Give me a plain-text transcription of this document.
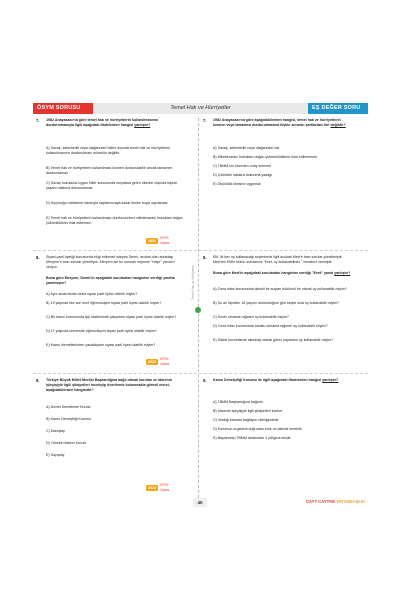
ÖSYM SORUSU	Temel Hak ve Hürriyetler	EŞ DEĞER SORU
Temel Hak ve Hürriyetler
7. 1982 Anayasası'na göre temel hak ve hürriyetlerin kullanılmasının durdurulmasıyla ilgili aşağıdaki ifadelerden hangisi yanlıştır?
A) Savaş, seferberlik veya olağanüstü hâller dışında temel hak ve hürriyetlerin kullanılmasının durdurulması mümkün değildir.
B) Temel hak ve hürriyetlerin kullanılması kısmen durdurulabilir ancak tamamen durdurulamaz.
C) Savaş hukukuna uygun fiiller sonucunda meydana gelen ölümler dışında kişinin yaşam hakkına dokunulamaz.
D) Suçluluğu mahkeme kararıyla saptanıncaya kadar kimse suçlu sayılamaz.
E) Temel hak ve hürriyetlerin kullanılması durdurulurken milletlerarası hukuktan doğan yükümlülükler ihlal edilemez.
2022
KPSS Lisans
7. 1982 Anayasası'na göre aşağıdakilerden hangisi, temel hak ve hürriyetlerin kısmen veya tamamen durdurulmasına ilişkin zorunlu şartlardan biri değildir?
A) Savaş, seferberlik veya olağanüstü hal
B) Milletlerarası hukuktan doğan yükümlülüklerin ihlal edilmemesi
C) TBMM'nin önceden onay vermesi
D) Çekirdek haklara dokunma yasağı
E) Ölçülülük ilkesine uygunluk
8. Siyasi parti üyeliği konusunda bilgi edinmek isteyen Demir, avukat olan arkadaşı Meryem'e bazı sorular yöneltiyor. Meryem ise bu soruları hepsine "Hayır" yanıtını veriyor.
Buna göre Meryem, Demir'in aşağıdaki sorulardan hangisine verdiği yanıtta yanılmıştır?
A) Aynı anda birden fazla siyasi parti üyesi olabilir miyim?
B) 19 yaşında lise son sınıf öğrencisiyim siyasi parti üyesi olabilir miyim?
C) Bir kamu kurumunda işçi statüsünde çalışırken siyasi parti üyesi olabilir miyim?
D) 17 yaşında üniversite öğrencisiyim siyasi parti üyesi olabilir miyim?
E) Kamu hizmetlerinden yasaklıyken siyasi parti üyesi olabilir miyim?
2022
KPSS Lisans
8. Elif, ilk kez oy kullanacağı seçimlerde ilgili avukatı Mert'e bazı sorular yöneltmiştir. Mert'ten Elif'in bütün sorularına "Evet, oy kullanabilirsin." cevabını vermiştir.
Buna göre Mert'in aşağıdaki sorulardan hangisine verdiği "Evet" yanıtı yanlıştır?
A) Ceza infaz kurumunda taksirli bir suçtan hükümlü bir olarak oy kullanabilir miyim?
B) Şu an ölçekler 18 yaşımı doldurduğum gün seçim olsa oy kullanabilir miyim?
C) Kısıtlı olmama rağmen oy kullanabilir miyim?
D) Ceza infaz kurumunda tutuklu olmama rağmen oy kullanabilir miyim?
E) Silahlı kuvvetlerde asbubay olarak görev yaparken oy kullanabilir miyim?
9. Türkiye Büyük Millet Meclisi Başkanlığına bağlı olarak kurulan ve idarenin işleyişiyle ilgili şikâyetleri inceleyip önerilerde bulunmakla görevli merci, aşağıdakilerden hangisidir?
A) Devlet Denetleme Kurulu
B) Kamu Denetçiliği Kurumu
C) Danıştay
D) Yüksek Hakem Kurulu
E) Sayıştay
2022
KPSS Lisans
9. Kamu Denetçiliği Kurumu ile ilgili aşağıdaki ifadelerden hangisi yanlıştır?
A) TBMM Başkanlığına bağlıdır.
B) İdarenin işleyişiyle ilgili şikâyetleri inceler.
C) Verdiği kararlar bağlayıcı niteliğindedir.
D) Kurumun organına doğrudan erkir ve talimat verebilir.
E) Başdenetçi TBMM tarafından 4 yıllığına seçilir.
40	CAYT CAYTKE VATANDAŞLIK
